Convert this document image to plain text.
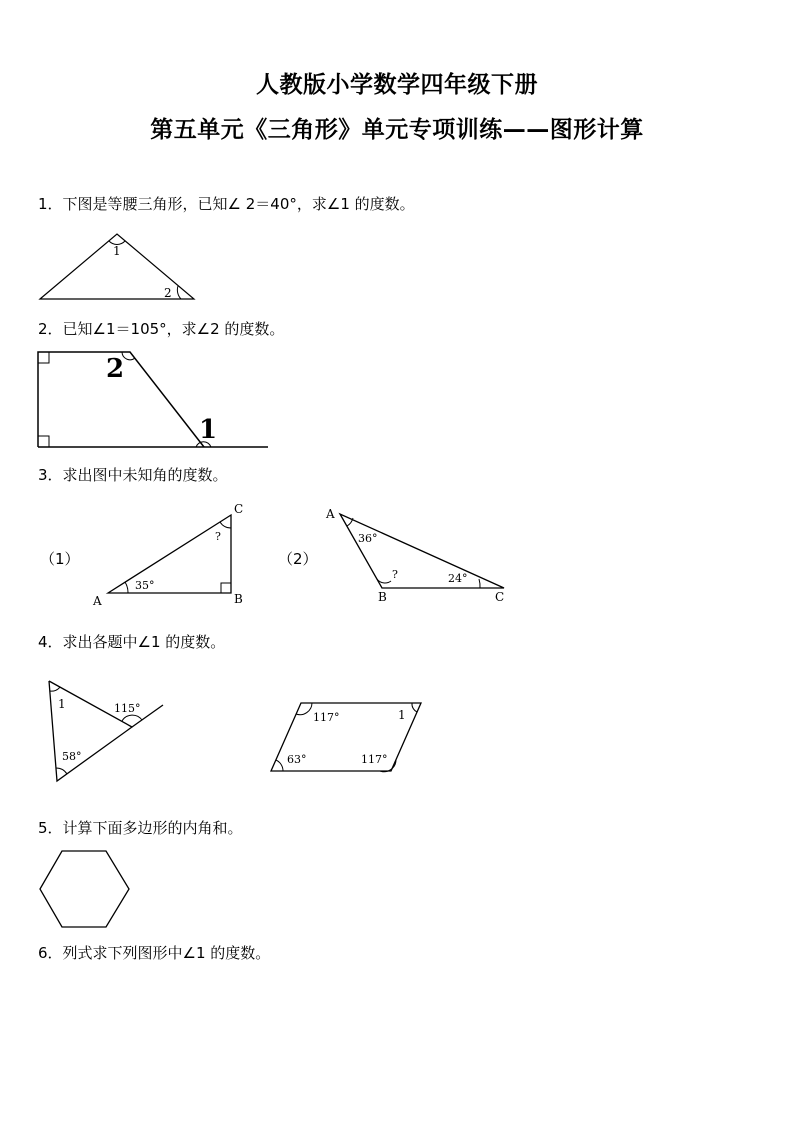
人教版小学数学四年级下册
第五单元《三角形》单元专项训练——图形计算
1．下图是等腰三角形，已知∠ 2＝40°，求∠1 的度数。
1
2
2．已知∠1＝105°，求∠2 的度数。
2
1
3．求出图中未知角的度数。
（1）	（2）
A	B
C
35°
?
A
B	C
36°
?	24°
4．求出各题中∠1 的度数。
1	115°
58°
117°	1
63°	117°
5．计算下面多边形的内角和。
6．列式求下列图形中∠1 的度数。
